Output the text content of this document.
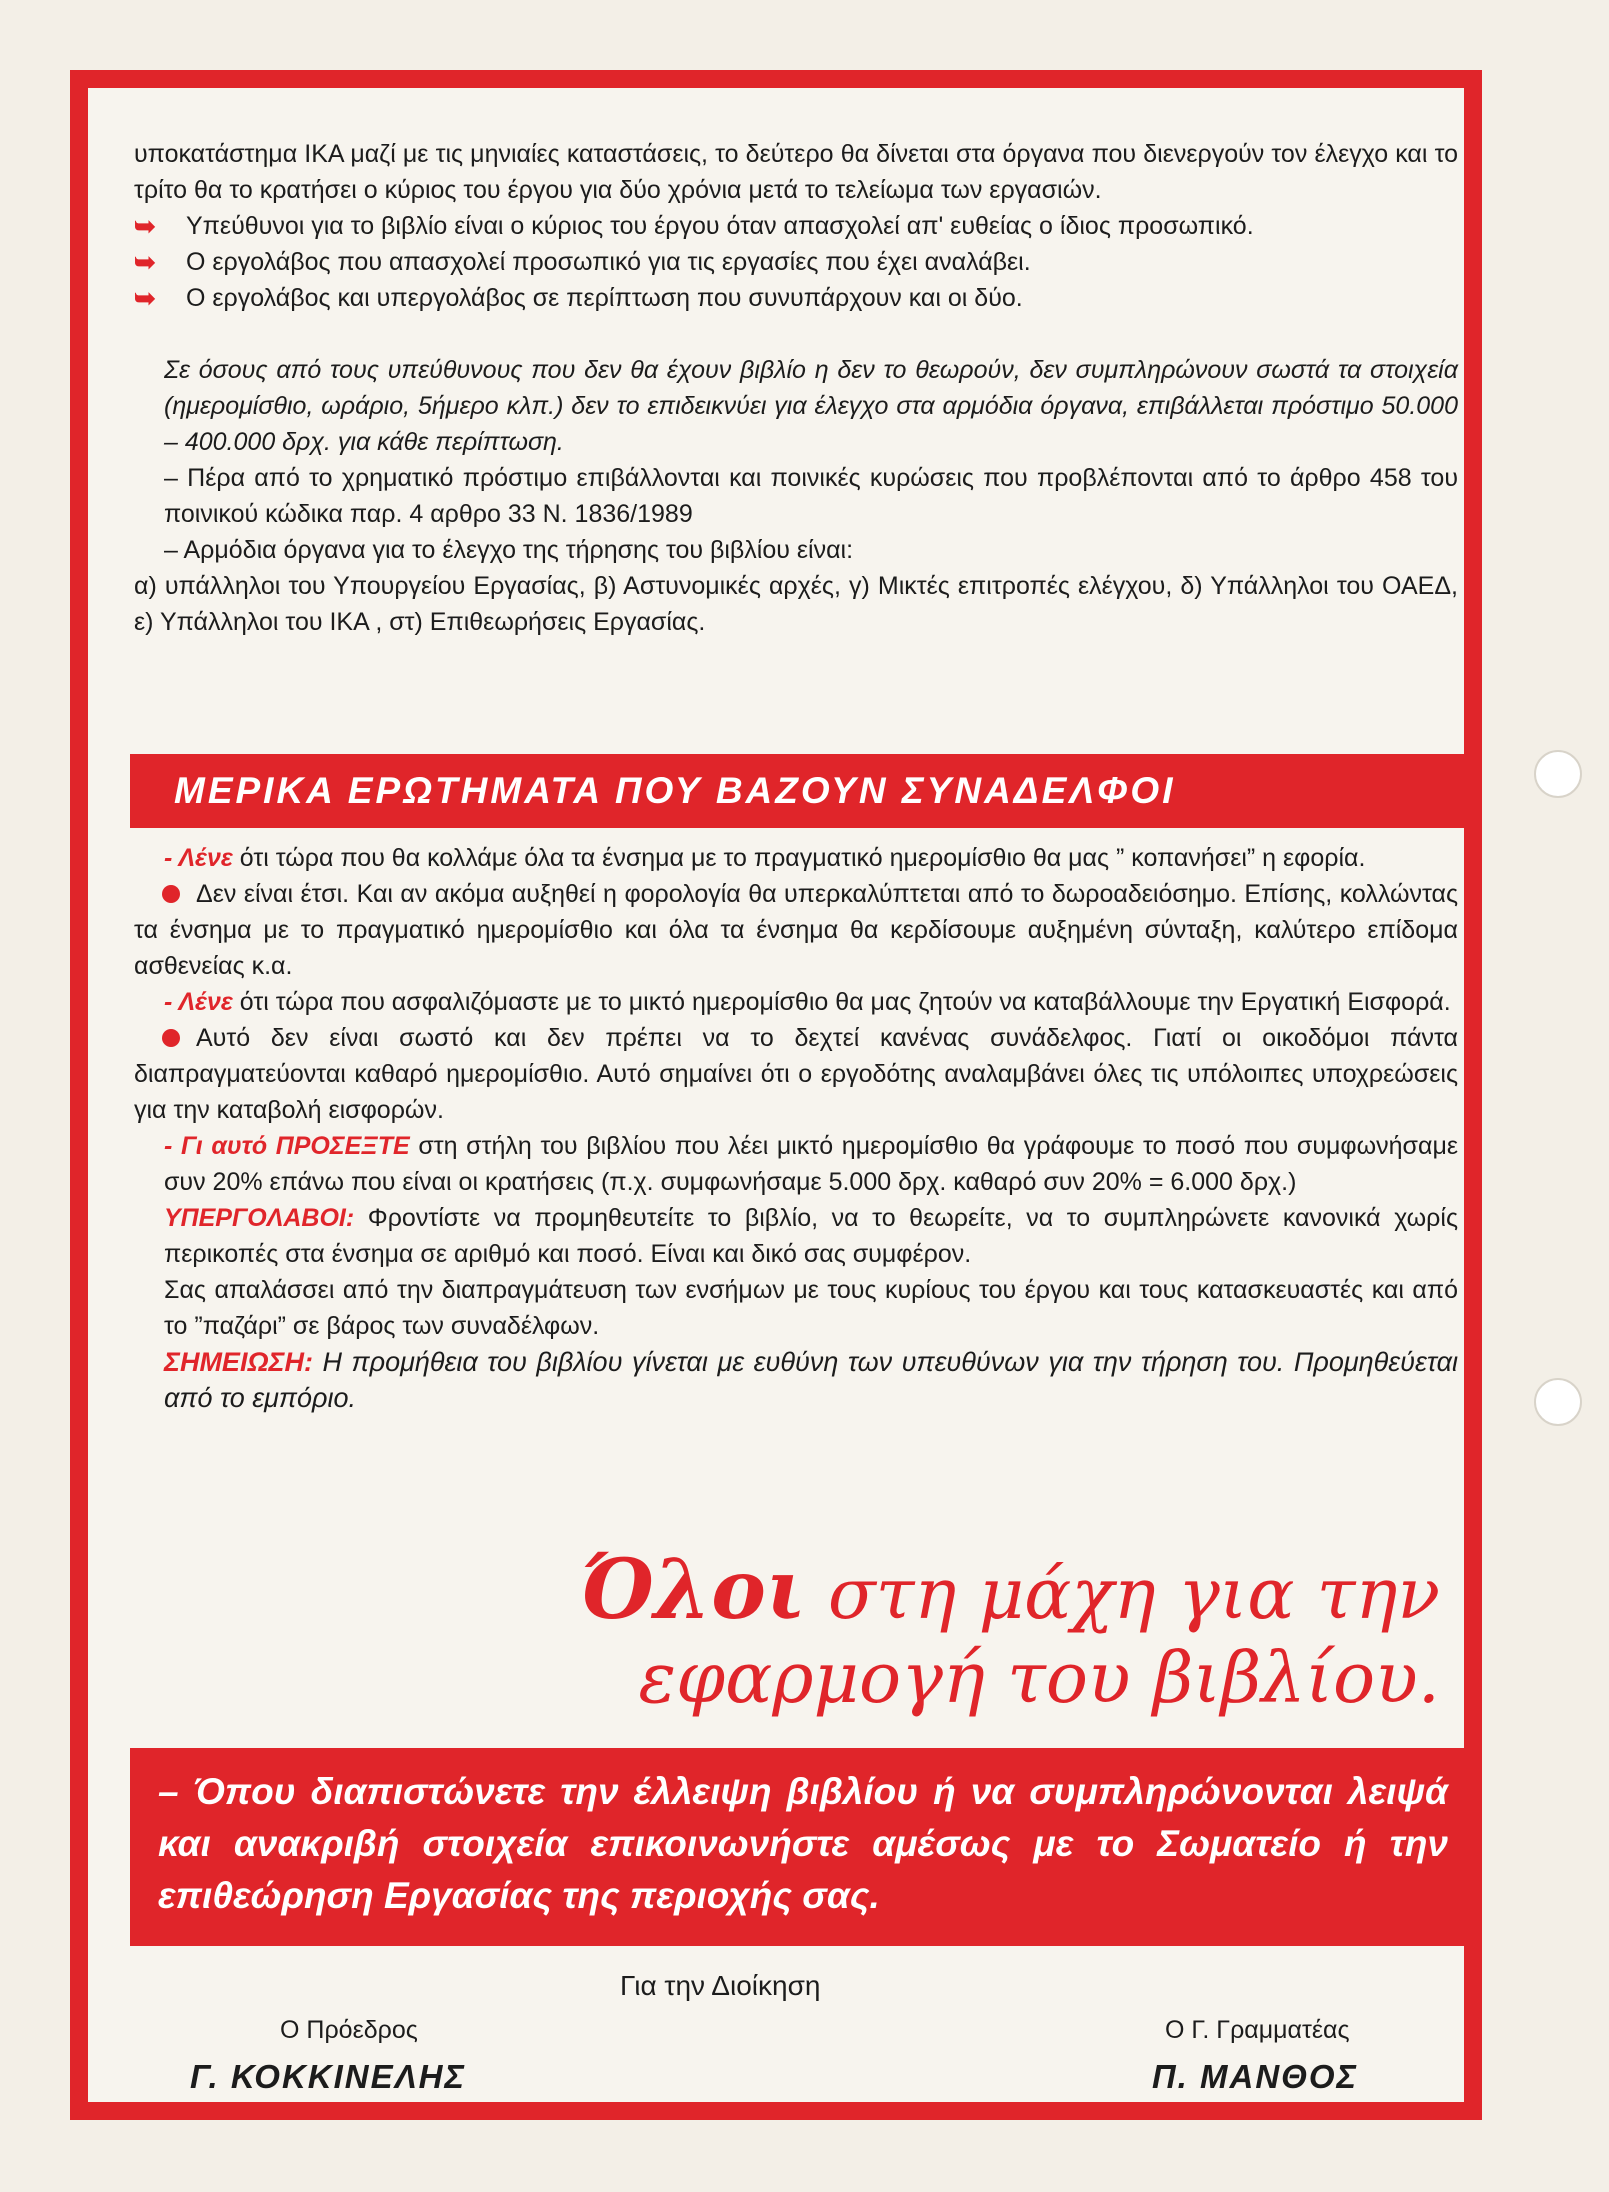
υποκατάστημα ΙΚΑ μαζί με τις μηνιαίες καταστάσεις, το δεύτερο θα δίνεται στα όργανα που διενεργούν τον έλεγχο και το τρίτο θα το κρατήσει ο κύριος του έργου για δύο χρόνια μετά το τελείωμα των εργασιών.

➥	Υπεύθυνοι για το βιβλίο είναι ο κύριος του έργου όταν απασχολεί απ' ευθείας ο ίδιος προσωπικό.

➥	Ο εργολάβος που απασχολεί προσωπικό για τις εργασίες που έχει αναλάβει.

➥	Ο εργολάβος και υπεργολάβος σε περίπτωση που συνυπάρχουν και οι δύο.

Σε όσους από τους υπεύθυνους που δεν θα έχουν βιβλίο η δεν το θεωρούν, δεν συμπληρώνουν σωστά τα στοιχεία (ημερομίσθιο, ωράριο, 5ήμερο κλπ.) δεν το επιδεικνύει για έλεγχο στα αρμόδια όργανα, επιβάλλεται πρόστιμο 50.000 – 400.000 δρχ. για κάθε περίπτωση.

– Πέρα από το χρηματικό πρόστιμο επιβάλλονται και ποινικές κυρώσεις που προβλέπονται από το άρθρο 458 του ποινικού κώδικα παρ. 4 αρθρο 33 Ν. 1836/1989

– Αρμόδια όργανα για το έλεγχο της τήρησης του βιβλίου είναι:

α) υπάλληλοι του Υπουργείου Εργασίας, β) Αστυνομικές αρχές, γ) Μικτές επιτροπές ελέγχου, δ) Υπάλληλοι του ΟΑΕΔ, ε) Υπάλληλοι του ΙΚΑ , στ) Επιθεωρήσεις Εργασίας.

ΜΕΡΙΚΑ ΕΡΩΤΗΜΑΤΑ ΠΟΥ ΒΑΖΟΥΝ ΣΥΝΑΔΕΛΦΟΙ

- Λένε ότι τώρα που θα κολλάμε όλα τα ένσημα με το πραγματικό ημερομίσθιο θα μας ” κοπανήσει” η εφορία.

Δεν είναι έτσι. Και αν ακόμα αυξηθεί η φορολογία θα υπερκαλύπτεται από το δωροαδειόσημο. Επίσης, κολλώντας τα ένσημα με το πραγματικό ημερομίσθιο και όλα τα ένσημα θα κερδίσουμε αυξημένη σύνταξη, καλύτερο επίδομα ασθενείας κ.α.

- Λένε ότι τώρα που ασφαλιζόμαστε με το μικτό ημερομίσθιο θα μας ζητούν να καταβάλλουμε την Εργατική Εισφορά.

Αυτό δεν είναι σωστό και δεν πρέπει να το δεχτεί κανένας συνάδελφος. Γιατί οι οικοδόμοι πάντα διαπραγματεύονται καθαρό ημερομίσθιο. Αυτό σημαίνει ότι ο εργοδότης αναλαμβάνει όλες τις υπόλοιπες υποχρεώσεις για την καταβολή εισφορών.

- Γι αυτό ΠΡΟΣΕΞΤΕ στη στήλη του βιβλίου που λέει μικτό ημερομίσθιο θα γράφουμε το ποσό που συμφωνήσαμε συν 20% επάνω που είναι οι κρατήσεις (π.χ. συμφωνήσαμε 5.000 δρχ. καθαρό συν 20% = 6.000 δρχ.)

ΥΠΕΡΓΟΛΑΒΟΙ: Φροντίστε να προμηθευτείτε το βιβλίο, να το θεωρείτε, να το συμπληρώνετε κανονικά χωρίς περικοπές στα ένσημα σε αριθμό και ποσό. Είναι και δικό σας συμφέρον.

Σας απαλάσσει από την διαπραγμάτευση των ενσήμων με τους κυρίους του έργου και τους κατασκευαστές και από το ”παζάρι” σε βάρος των συναδέλφων.

ΣΗΜΕΙΩΣΗ: Η προμήθεια του βιβλίου γίνεται με ευθύνη των υπευθύνων για την τήρηση του. Προμηθεύεται από το εμπόριο.

Όλοι στη μάχη για την
εφαρμογή του βιβλίου.
– Όπου διαπιστώνετε την έλλειψη βιβλίου ή να συμπληρώνονται λειψά και ανακριβή στοιχεία επικοινωνήστε αμέσως με το Σωματείο ή την επιθεώρηση Εργασίας της περιοχής σας.
Για την Διοίκηση
Ο Πρόεδρος
Γ. ΚΟΚΚΙΝΕΛΗΣ
Ο Γ. Γραμματέας
Π. ΜΑΝΘΟΣ
